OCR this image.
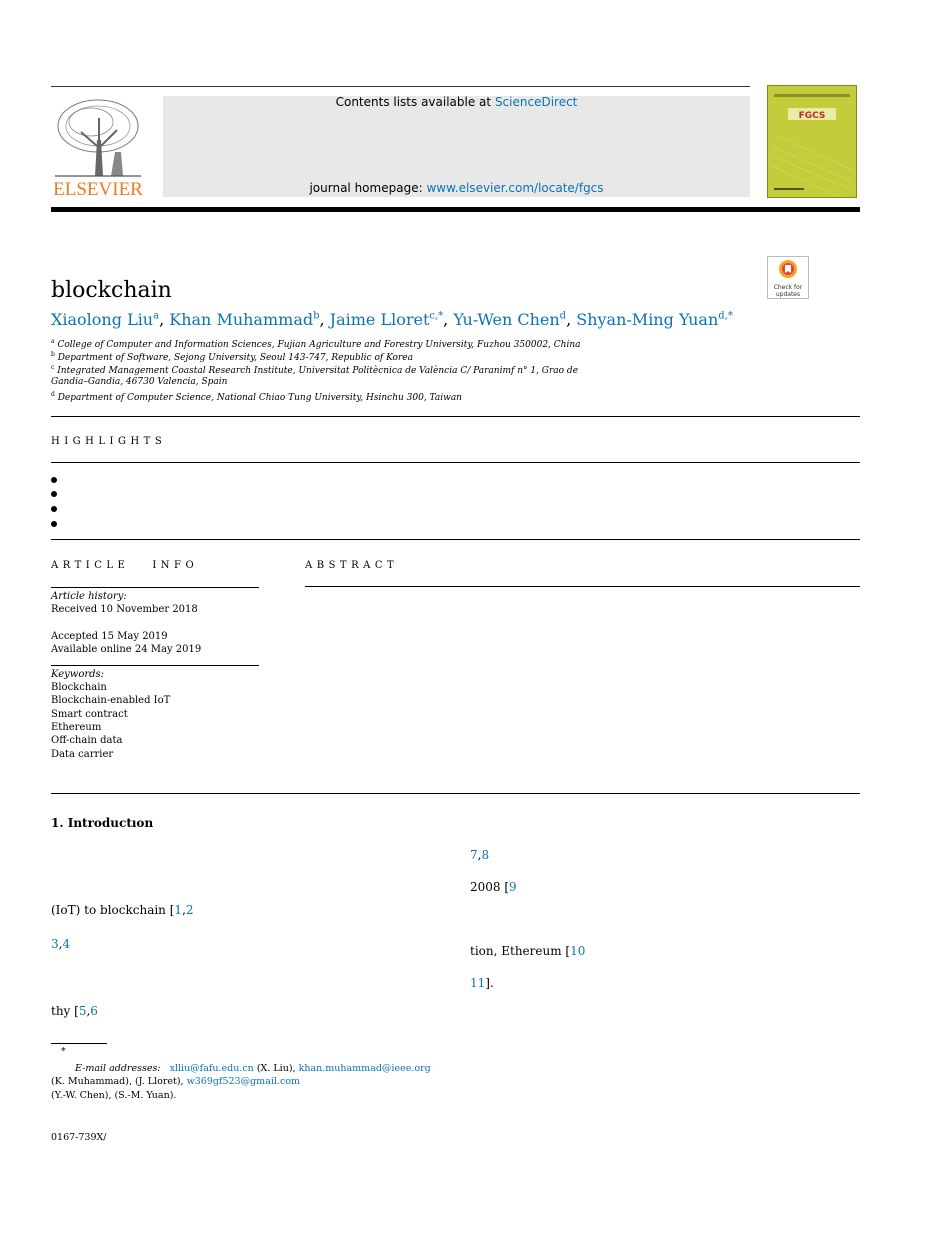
ELSEVIER
Contents lists available at ScienceDirect
journal homepage: www.elsevier.com/locate/fgcs
FGCS
Check for updates
blockchain
Xiaolong Liu$^a$, Khan Muhammad$^b$, Jaime Lloret$^{c,*}$, Yu-Wen Chen$^d$, Shyan-Ming Yuan$^{d,*}$
$^a$ College of Computer and Information Sciences, Fujian Agriculture and Forestry University, Fuzhou 350002, China
$^b$ Department of Software, Sejong University, Seoul 143-747, Republic of Korea
$^c$ Integrated Management Coastal Research Institute, Universitat Politècnica de València C/ Paranimf n° 1, Grao de
Gandia–Gandia, 46730 Valencia, Spain
$^d$ Department of Computer Science, National Chiao Tung University, Hsinchu 300, Taiwan
HIGHLIGHTS
ARTICLE   INFO
Article history:
Received 10 November 2018
Accepted 15 May 2019
Available online 24 May 2019
Keywords:
Blockchain
Blockchain-enabled IoT
Smart contract
Ethereum
Off-chain data
Data carrier
ABSTRACT
1. Introductıon
(IoT) to blockchain [1,2
3,4
thy [5,6
7,8
2008 [9
tion, Ethereum [10
11].
*
E-mail addresses: xlliu@fafu.edu.cn (X. Liu), khan.muhammad@ieee.org
(K. Muhammad), (J. Lloret), w369gf523@gmail.com
(Y.-W. Chen), (S.-M. Yuan).
0167-739X/
